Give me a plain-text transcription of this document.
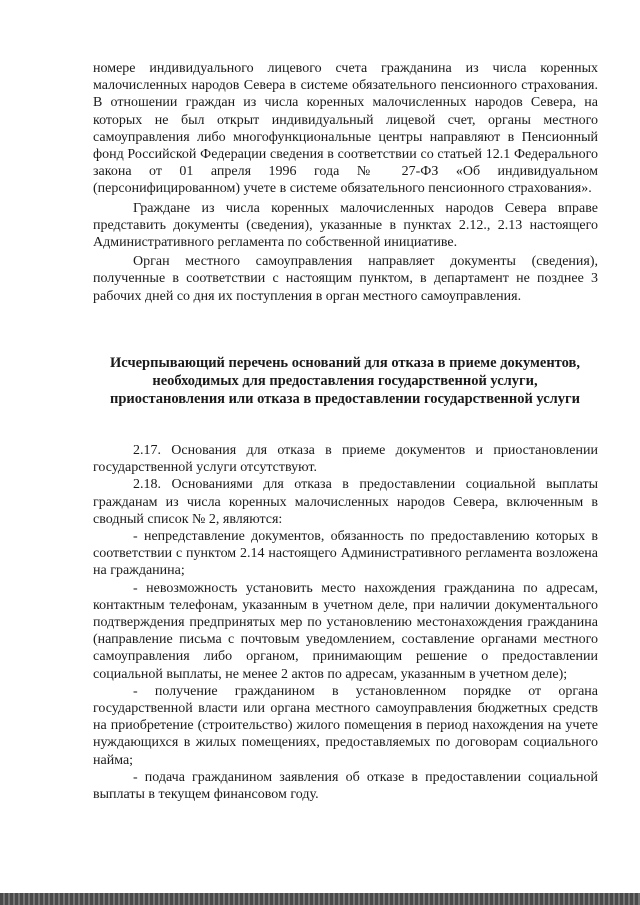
номере индивидуального лицевого счета гражданина из числа коренных малочисленных народов Севера в системе обязательного пенсионного страхования. В отношении граждан из числа коренных малочисленных народов Севера, на которых не был открыт индивидуальный лицевой счет, органы местного самоуправления либо многофункциональные центры направляют в Пенсионный фонд Российской Федерации сведения в соответствии со статьей 12.1 Федерального закона от 01 апреля 1996 года № 27-ФЗ «Об индивидуальном (персонифицированном) учете в системе обязательного пенсионного страхования».

Граждане из числа коренных малочисленных народов Севера вправе представить документы (сведения), указанные в пунктах 2.12., 2.13 настоящего Административного регламента по собственной инициативе.

Орган местного самоуправления направляет документы (сведения), полученные в соответствии с настоящим пунктом, в департамент не позднее 3 рабочих дней со дня их поступления в орган местного самоуправления.

Исчерпывающий перечень оснований для отказа в приеме документов, необходимых для предоставления государственной услуги, приостановления или отказа в предоставлении государственной услуги

2.17. Основания для отказа в приеме документов и приостановлении государственной услуги отсутствуют.

2.18. Основаниями для отказа в предоставлении социальной выплаты гражданам из числа коренных малочисленных народов Севера, включенным в сводный список № 2, являются:

- непредставление документов, обязанность по предоставлению которых в соответствии с пунктом 2.14 настоящего Административного регламента возложена на гражданина;

- невозможность установить место нахождения гражданина по адресам, контактным телефонам, указанным в учетном деле, при наличии документального подтверждения предпринятых мер по установлению местонахождения гражданина (направление письма с почтовым уведомлением, составление органами местного самоуправления либо органом, принимающим решение о предоставлении социальной выплаты, не менее 2 актов по адресам, указанным в учетном деле);

- получение гражданином в установленном порядке от органа государственной власти или органа местного самоуправления бюджетных средств на приобретение (строительство) жилого помещения в период нахождения на учете нуждающихся в жилых помещениях, предоставляемых по договорам социального найма;

- подача гражданином заявления об отказе в предоставлении социальной выплаты в текущем финансовом году.
